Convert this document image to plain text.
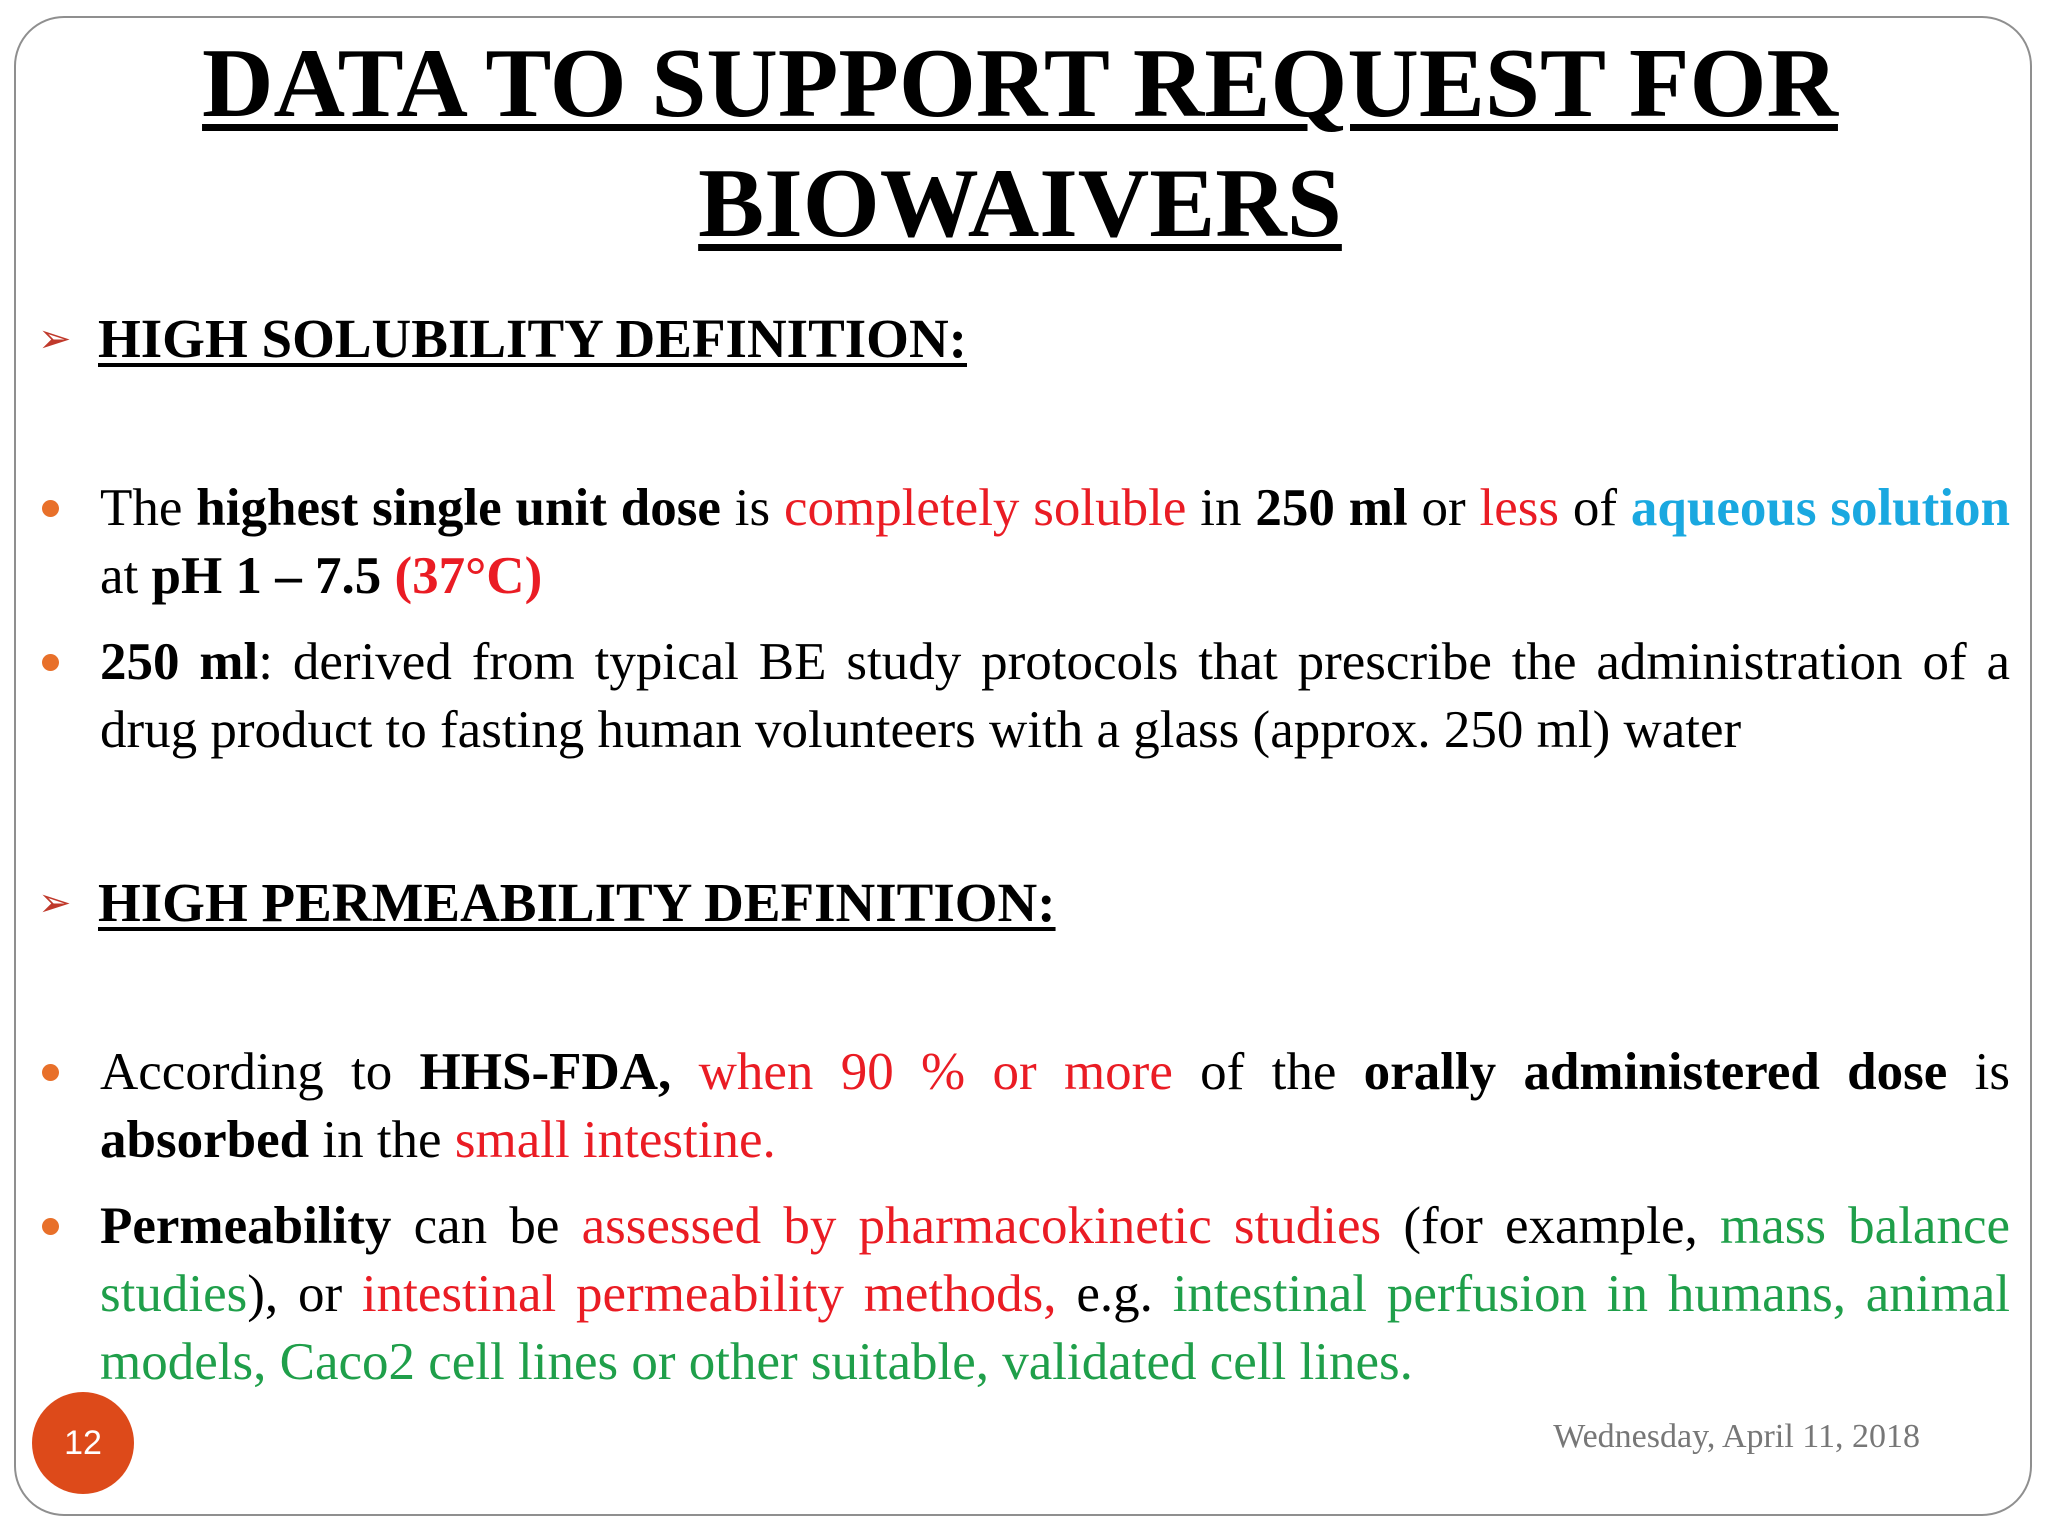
DATA TO SUPPORT REQUEST FOR
BIOWAIVERS
➢ HIGH SOLUBILITY DEFINITION:
The highest single unit dose is completely soluble in 250 ml or less of aqueous solution at pH 1 – 7.5 (37°C)
250 ml: derived from typical BE study protocols that prescribe the administration of a drug product to fasting human volunteers with a glass (approx. 250 ml) water
➢ HIGH PERMEABILITY DEFINITION:
According to HHS-FDA, when 90 % or more of the orally administered dose is absorbed in the small intestine.
Permeability can be assessed by pharmacokinetic studies (for example, mass balance studies), or intestinal permeability methods, e.g. intestinal perfusion in humans, animal models, Caco2 cell lines or other suitable, validated cell lines.
12	Wednesday, April 11, 2018
